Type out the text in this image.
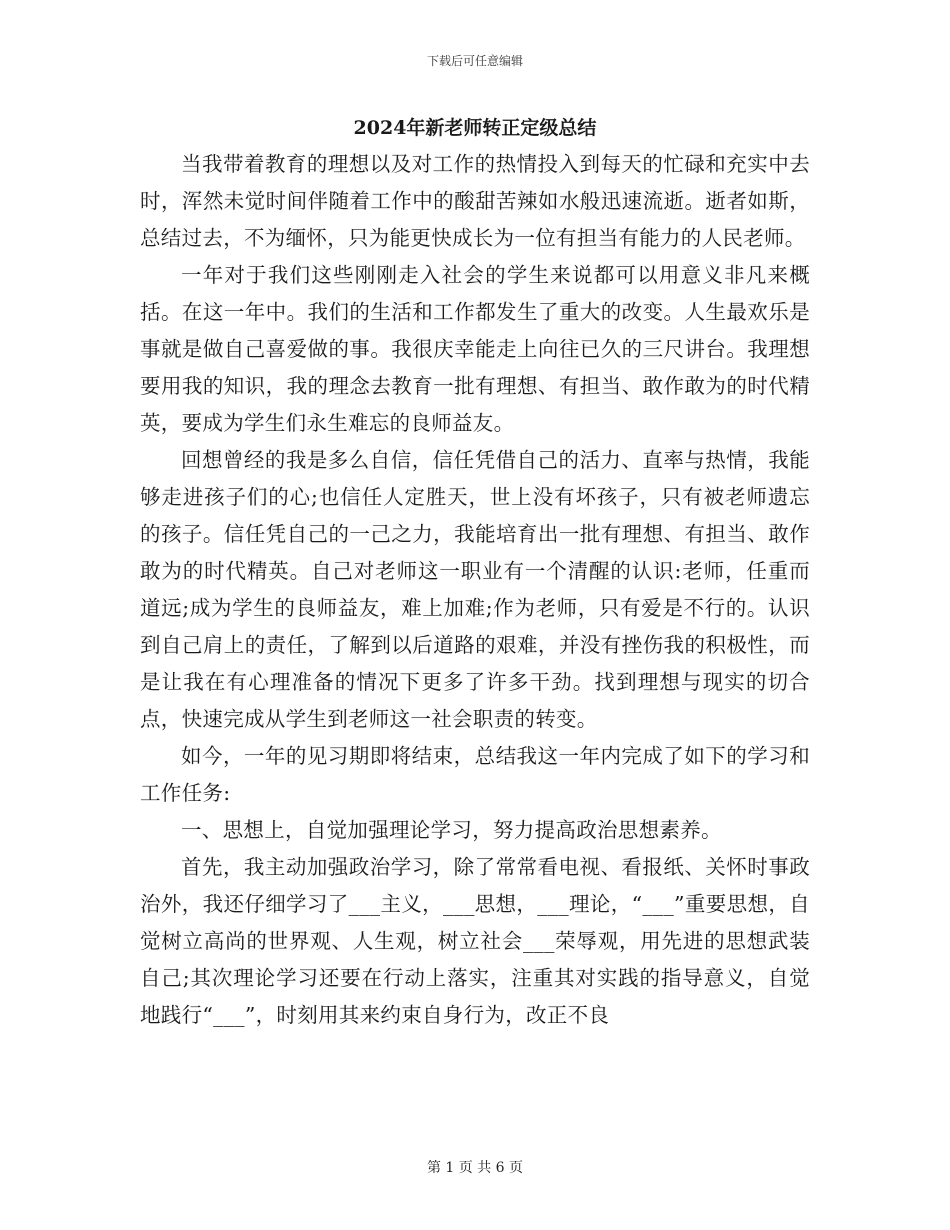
下载后可任意编辑
2024年新老师转正定级总结

当我带着教育的理想以及对工作的热情投入到每天的忙碌和充实中去时，浑然未觉时间伴随着工作中的酸甜苦辣如水般迅速流逝。逝者如斯，总结过去，不为缅怀，只为能更快成长为一位有担当有能力的人民老师。

一年对于我们这些刚刚走入社会的学生来说都可以用意义非凡来概括。在这一年中。我们的生活和工作都发生了重大的改变。人生最欢乐是事就是做自己喜爱做的事。我很庆幸能走上向往已久的三尺讲台。我理想要用我的知识，我的理念去教育一批有理想、有担当、敢作敢为的时代精英，要成为学生们永生难忘的良师益友。

回想曾经的我是多么自信，信任凭借自己的活力、直率与热情，我能够走进孩子们的心;也信任人定胜天，世上没有坏孩子，只有被老师遗忘的孩子。信任凭自己的一己之力，我能培育出一批有理想、有担当、敢作敢为的时代精英。自己对老师这一职业有一个清醒的认识:老师，任重而道远;成为学生的良师益友，难上加难;作为老师，只有爱是不行的。认识到自己肩上的责任，了解到以后道路的艰难，并没有挫伤我的积极性，而是让我在有心理准备的情况下更多了许多干劲。找到理想与现实的切合点，快速完成从学生到老师这一社会职责的转变。

如今，一年的见习期即将结束，总结我这一年内完成了如下的学习和工作任务:

一、思想上，自觉加强理论学习，努力提高政治思想素养。

首先，我主动加强政治学习，除了常常看电视、看报纸、关怀时事政治外，我还仔细学习了___主义，___思想，___理论，“___”重要思想，自觉树立高尚的世界观、人生观，树立社会___荣辱观，用先进的思想武装自己;其次理论学习还要在行动上落实，注重其对实践的指导意义，自觉地践行“___”，时刻用其来约束自身行为，改正不良

第 1 页 共 6 页
